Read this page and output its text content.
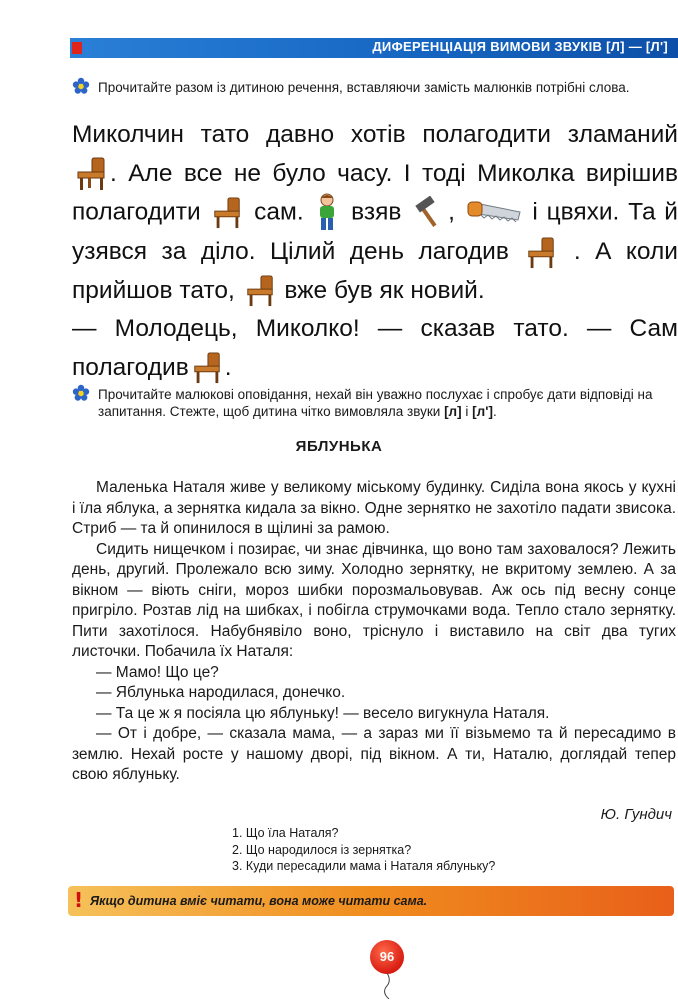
ДИФЕРЕНЦІАЦІЯ ВИМОВИ ЗВУКІВ [Л] — [Л']
Прочитайте разом із дитиною речення, вставляючи замість малюнків потрібні слова.

Миколчин тато давно хотів полагодити зламаний

. Але все не було часу. І тоді Миколка вирішив

полагодити сам. взяв ,	і цвяхи. Та й

узявся за діло. Цілий день лагодив	. А коли

прийшов тато, вже був як новий.

— Молодець, Миколко! — сказав тато. — Сам

полагодив .

Прочитайте малюкові оповідання, нехай він уважно послухає і спробує дати відповіді на запитання. Стежте, щоб дитина чітко вимовляла звуки [л] і [л'].
ЯБЛУНЬКА

Маленька Наталя живе у великому міському будинку. Сиділа вона якось у кухні і їла яблука, а зернятка кидала за вікно. Одне зернятко не захотіло падати звисока. Стриб — та й опинилося в щілині за рамою.

Сидить нищечком і позирає, чи знає дівчинка, що воно там заховалося? Лежить день, другий. Пролежало всю зиму. Холодно зернятку, не вкритому землею. А за вікном — віють сніги, мороз шибки порозмальовував. Аж ось під весну сонце пригріло. Розтав лід на шибках, і побігла струмочками вода. Тепло стало зернятку. Пити захотілося. Набубнявіло воно, тріснуло і виставило на світ два тугих листочки. Побачила їх Наталя:

— Мамо! Що це?

— Яблунька народилася, донечко.

— Та це ж я посіяла цю яблуньку! — весело вигукнула Наталя.

— От і добре, — сказала мама, — а зараз ми її візьмемо та й пересадимо в землю. Нехай росте у нашому дворі, під вікном. А ти, Наталю, доглядай тепер свою яблуньку.

Ю. Гундич
1. Що їла Наталя?
2. Що народилося із зернятка?
3. Куди пересадили мама і Наталя яблуньку?
! Якщо дитина вміє читати, вона може читати сама.
96
